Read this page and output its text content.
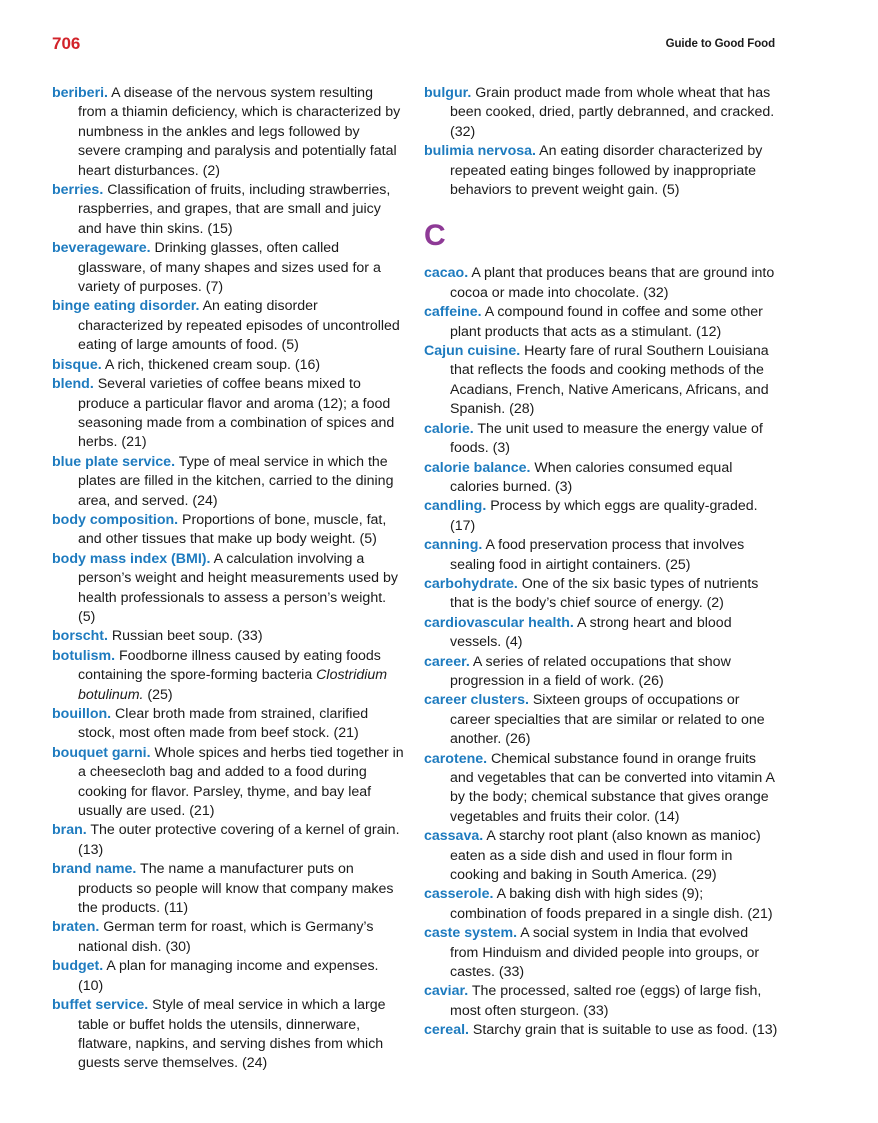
706	Guide to Good Food

beriberi. A disease of the nervous system resulting from a thiamin deficiency, which is characterized by numbness in the ankles and legs followed by severe cramping and paralysis and potentially fatal heart disturbances. (2)

berries. Classification of fruits, including strawberries, raspberries, and grapes, that are small and juicy and have thin skins. (15)

beverageware. Drinking glasses, often called glassware, of many shapes and sizes used for a variety of purposes. (7)

binge eating disorder. An eating disorder characterized by repeated episodes of uncontrolled eating of large amounts of food. (5)

bisque. A rich, thickened cream soup. (16)

blend. Several varieties of coffee beans mixed to produce a particular flavor and aroma (12); a food seasoning made from a combination of spices and herbs. (21)

blue plate service. Type of meal service in which the plates are filled in the kitchen, carried to the dining area, and served. (24)

body composition. Proportions of bone, muscle, fat, and other tissues that make up body weight. (5)

body mass index (BMI). A calculation involving a person’s weight and height measurements used by health professionals to assess a person’s weight. (5)

borscht. Russian beet soup. (33)

botulism. Foodborne illness caused by eating foods containing the spore-forming bacteria Clostridium botulinum. (25)

bouillon. Clear broth made from strained, clarified stock, most often made from beef stock. (21)

bouquet garni. Whole spices and herbs tied together in a cheesecloth bag and added to a food during cooking for flavor. Parsley, thyme, and bay leaf usually are used. (21)

bran. The outer protective covering of a kernel of grain. (13)

brand name. The name a manufacturer puts on products so people will know that company makes the products. (11)

braten. German term for roast, which is Germany’s national dish. (30)

budget. A plan for managing income and expenses. (10)

buffet service. Style of meal service in which a large table or buffet holds the utensils, dinnerware, flatware, napkins, and serving dishes from which guests serve themselves. (24)

bulgur. Grain product made from whole wheat that has been cooked, dried, partly debranned, and cracked. (32)

bulimia nervosa. An eating disorder characterized by repeated eating binges followed by inappropriate behaviors to prevent weight gain. (5)

C

cacao. A plant that produces beans that are ground into cocoa or made into chocolate. (32)

caffeine. A compound found in coffee and some other plant products that acts as a stimulant. (12)

Cajun cuisine. Hearty fare of rural Southern Louisiana that reflects the foods and cooking methods of the Acadians, French, Native Americans, Africans, and Spanish. (28)

calorie. The unit used to measure the energy value of foods. (3)

calorie balance. When calories consumed equal calories burned. (3)

candling. Process by which eggs are quality-graded. (17)

canning. A food preservation process that involves sealing food in airtight containers. (25)

carbohydrate. One of the six basic types of nutrients that is the body’s chief source of energy. (2)

cardiovascular health. A strong heart and blood vessels. (4)

career. A series of related occupations that show progression in a field of work. (26)

career clusters. Sixteen groups of occupations or career specialties that are similar or related to one another. (26)

carotene. Chemical substance found in orange fruits and vegetables that can be converted into vitamin A by the body; chemical substance that gives orange vegetables and fruits their color. (14)

cassava. A starchy root plant (also known as manioc) eaten as a side dish and used in flour form in cooking and baking in South America. (29)

casserole. A baking dish with high sides (9); combination of foods prepared in a single dish. (21)

caste system. A social system in India that evolved from Hinduism and divided people into groups, or castes. (33)

caviar. The processed, salted roe (eggs) of large fish, most often sturgeon. (33)

cereal. Starchy grain that is suitable to use as food. (13)
